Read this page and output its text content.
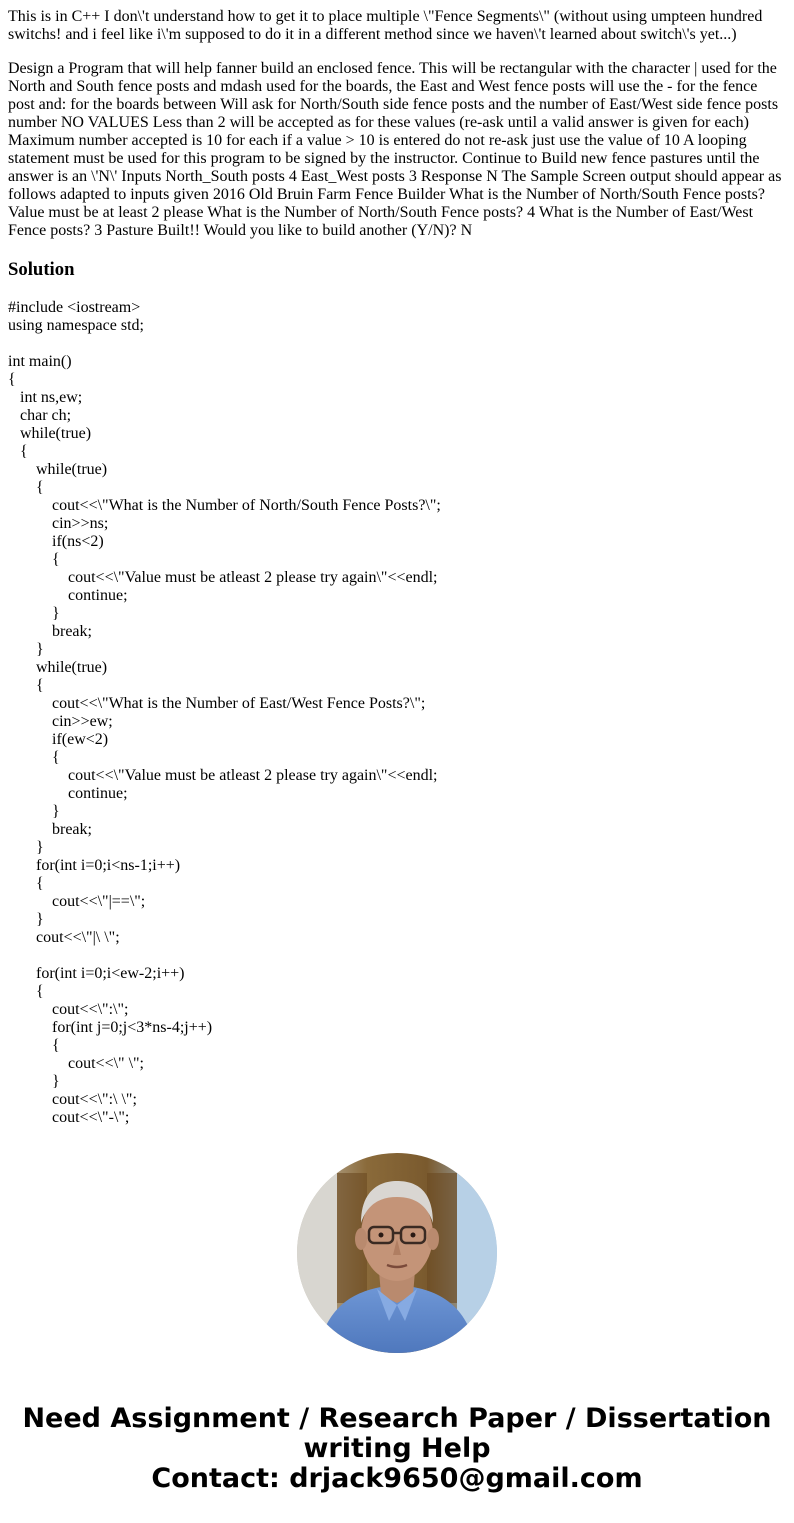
This is in C++ I don\'t understand how to get it to place multiple \"Fence Segments\" (without using umpteen hundred switchs! and i feel like i\'m supposed to do it in a different method since we haven\'t learned about switch\'s yet...)

Design a Program that will help fanner build an enclosed fence. This will be rectangular with the character | used for the North and South fence posts and mdash used for the boards, the East and West fence posts will use the - for the fence post and: for the boards between Will ask for North/South side fence posts and the number of East/West side fence posts number NO VALUES Less than 2 will be accepted as for these values (re-ask until a valid answer is given for each) Maximum number accepted is 10 for each if a value > 10 is entered do not re-ask just use the value of 10 A looping statement must be used for this program to be signed by the instructor. Continue to Build new fence pastures until the answer is an \'N\' Inputs North_South posts 4 East_West posts 3 Response N The Sample Screen output should appear as follows adapted to inputs given 2016 Old Bruin Farm Fence Builder What is the Number of North/South Fence posts? Value must be at least 2 please What is the Number of North/South Fence posts? 4 What is the Number of East/West Fence posts? 3 Pasture Built!! Would you like to build another (Y/N)? N

Solution
#include <iostream>
using namespace std;

int main()
{
int ns,ew;
char ch;
while(true)
{
while(true)
{
cout<<\"What is the Number of North/South Fence Posts?\";
cin>>ns;
if(ns<2)
{
cout<<\"Value must be atleast 2 please try again\"<<endl;
continue;
}
break;
}
while(true)
{
cout<<\"What is the Number of East/West Fence Posts?\";
cin>>ew;
if(ew<2)
{
cout<<\"Value must be atleast 2 please try again\"<<endl;
continue;
}
break;
}
for(int i=0;i<ns-1;i++)
{
cout<<\"|==\";
}
cout<<\"|\ \";

for(int i=0;i<ew-2;i++)
{
cout<<\":\";
for(int j=0;j<3*ns-4;j++)
{
cout<<\" \";
}
cout<<\":\ \";
cout<<\"-\";
Need Assignment / Research Paper / Dissertation
writing Help
Contact: drjack9650@gmail.com
